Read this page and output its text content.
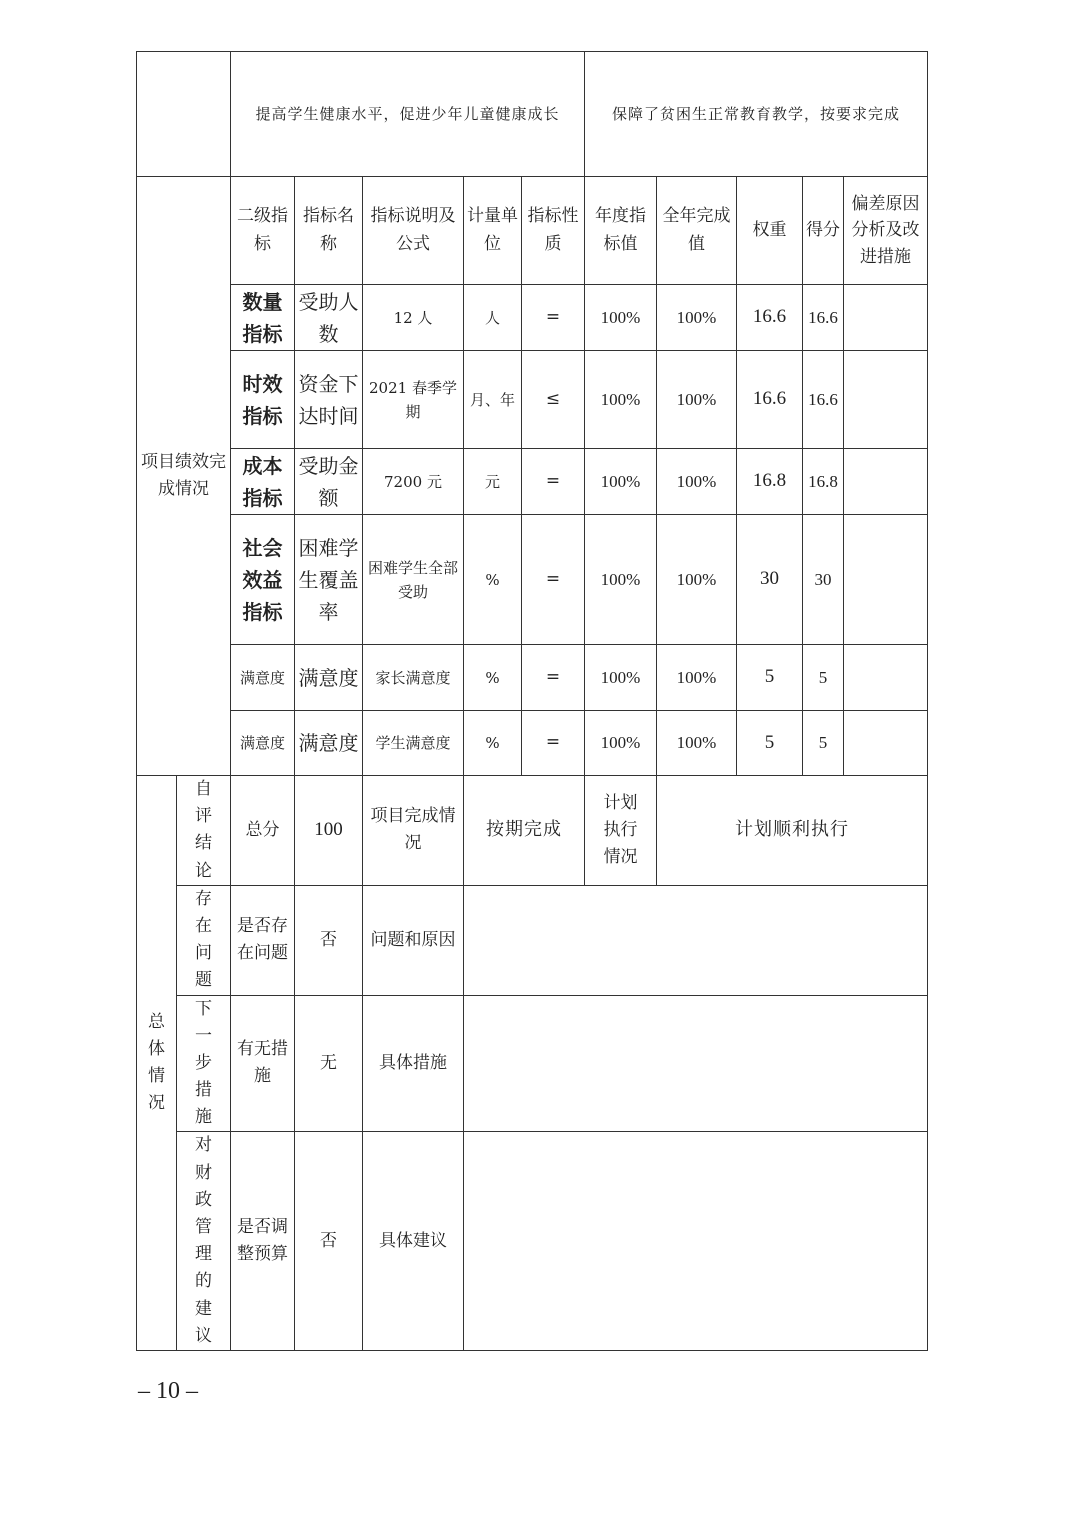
		提高学生健康水平，促进少年儿童健康成长					保障了贫困生正常教育教学，按要求完成				
项目绩效完成情况		二级指标	指标名称	指标说明及公式	计量单位	指标性质	年度指标值	全年完成值	权重	得分	偏差原因分析及改进措施
		数量指标	受助人数	12 人	人	=	100%	100%	16.6	16.6	
		时效指标	资金下达时间	2021 春季学期	月、年	≤	100%	100%	16.6	16.6	
		成本指标	受助金额	7200 元	元	=	100%	100%	16.8	16.8	
		社会效益指标	困难学生覆盖率	困难学生全部受助	%	=	100%	100%	30	30	
		满意度	满意度	家长满意度	%	=	100%	100%	5	5	
		满意度	满意度	学生满意度	%	=	100%	100%	5	5	
总体情况	自评结论	总分	100	项目完成情况	按期完成		计划执行情况	计划顺利执行			
	存在问题	是否存在问题	否	问题和原因							
	下一步措施	有无措施	无	具体措施							
	对财政管理的建议	是否调整预算	否	具体建议							
– 10 –
